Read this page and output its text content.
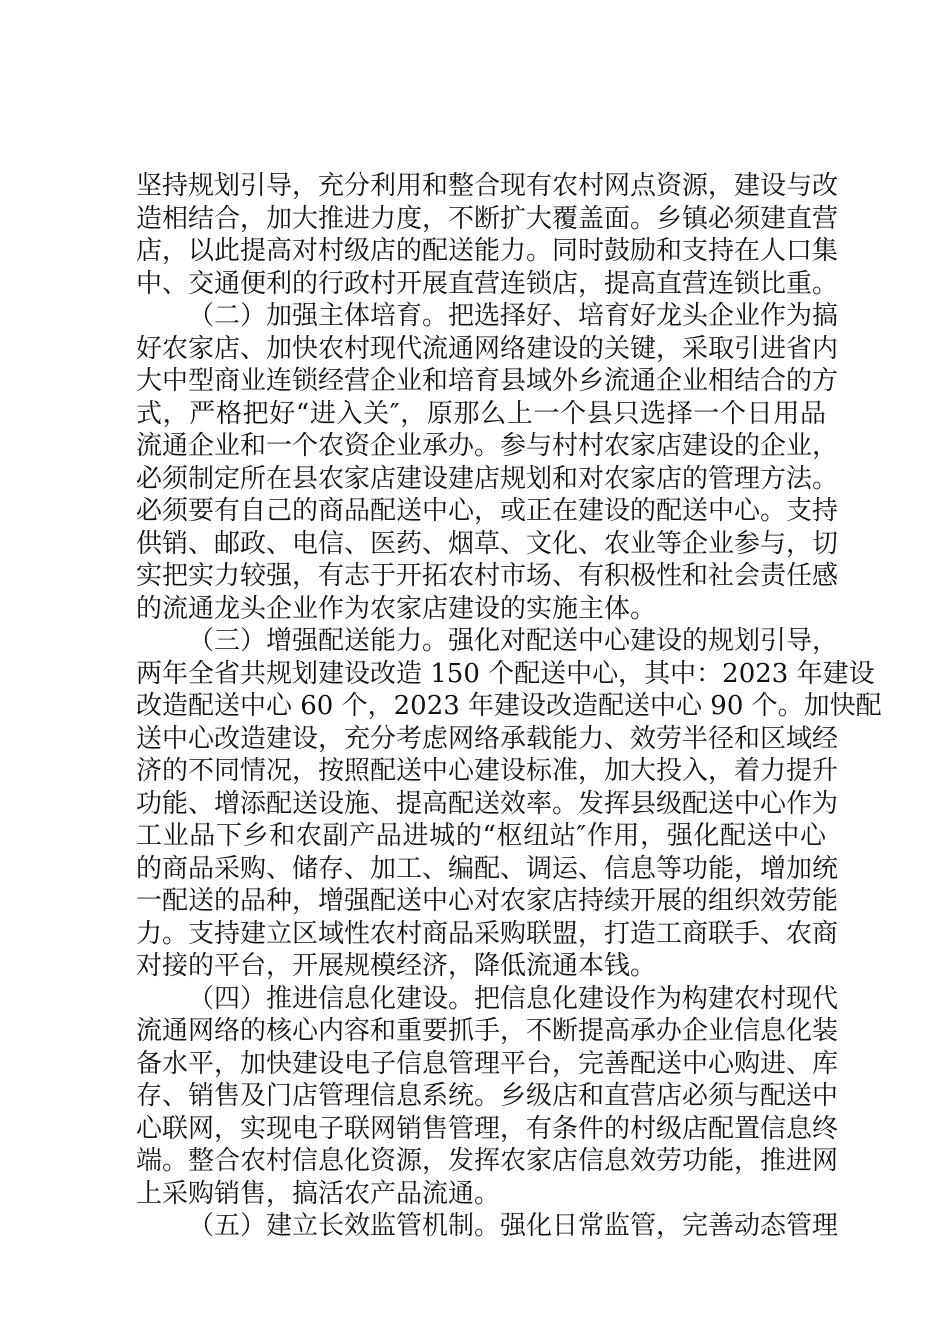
坚持规划引导，充分利用和整合现有农村网点资源，建设与改
造相结合，加大推进力度，不断扩大覆盖面。乡镇必须建直营
店，以此提高对村级店的配送能力。同时鼓励和支持在人口集
中、交通便利的行政村开展直营连锁店，提高直营连锁比重。
（二）加强主体培育。把选择好、培育好龙头企业作为搞
好农家店、加快农村现代流通网络建设的关键，采取引进省内
大中型商业连锁经营企业和培育县域外乡流通企业相结合的方
式，严格把好“进入关″，原那么上一个县只选择一个日用品
流通企业和一个农资企业承办。参与村村农家店建设的企业，
必须制定所在县农家店建设建店规划和对农家店的管理方法。
必须要有自己的商品配送中心，或正在建设的配送中心。支持
供销、邮政、电信、医药、烟草、文化、农业等企业参与，切
实把实力较强，有志于开拓农村市场、有积极性和社会责任感
的流通龙头企业作为农家店建设的实施主体。
（三）增强配送能力。强化对配送中心建设的规划引导，
两年全省共规划建设改造 150 个配送中心，其中：2023 年建设
改造配送中心 60 个，2023 年建设改造配送中心 90 个。加快配
送中心改造建设，充分考虑网络承载能力、效劳半径和区域经
济的不同情况，按照配送中心建设标准，加大投入，着力提升
功能、增添配送设施、提高配送效率。发挥县级配送中心作为
工业品下乡和农副产品进城的“枢纽站″作用，强化配送中心
的商品采购、储存、加工、编配、调运、信息等功能，增加统
一配送的品种，增强配送中心对农家店持续开展的组织效劳能
力。支持建立区域性农村商品采购联盟，打造工商联手、农商
对接的平台，开展规模经济，降低流通本钱。
（四）推进信息化建设。把信息化建设作为构建农村现代
流通网络的核心内容和重要抓手，不断提高承办企业信息化装
备水平，加快建设电子信息管理平台，完善配送中心购进、库
存、销售及门店管理信息系统。乡级店和直营店必须与配送中
心联网，实现电子联网销售管理，有条件的村级店配置信息终
端。整合农村信息化资源，发挥农家店信息效劳功能，推进网
上采购销售，搞活农产品流通。
（五）建立长效监管机制。强化日常监管，完善动态管理
